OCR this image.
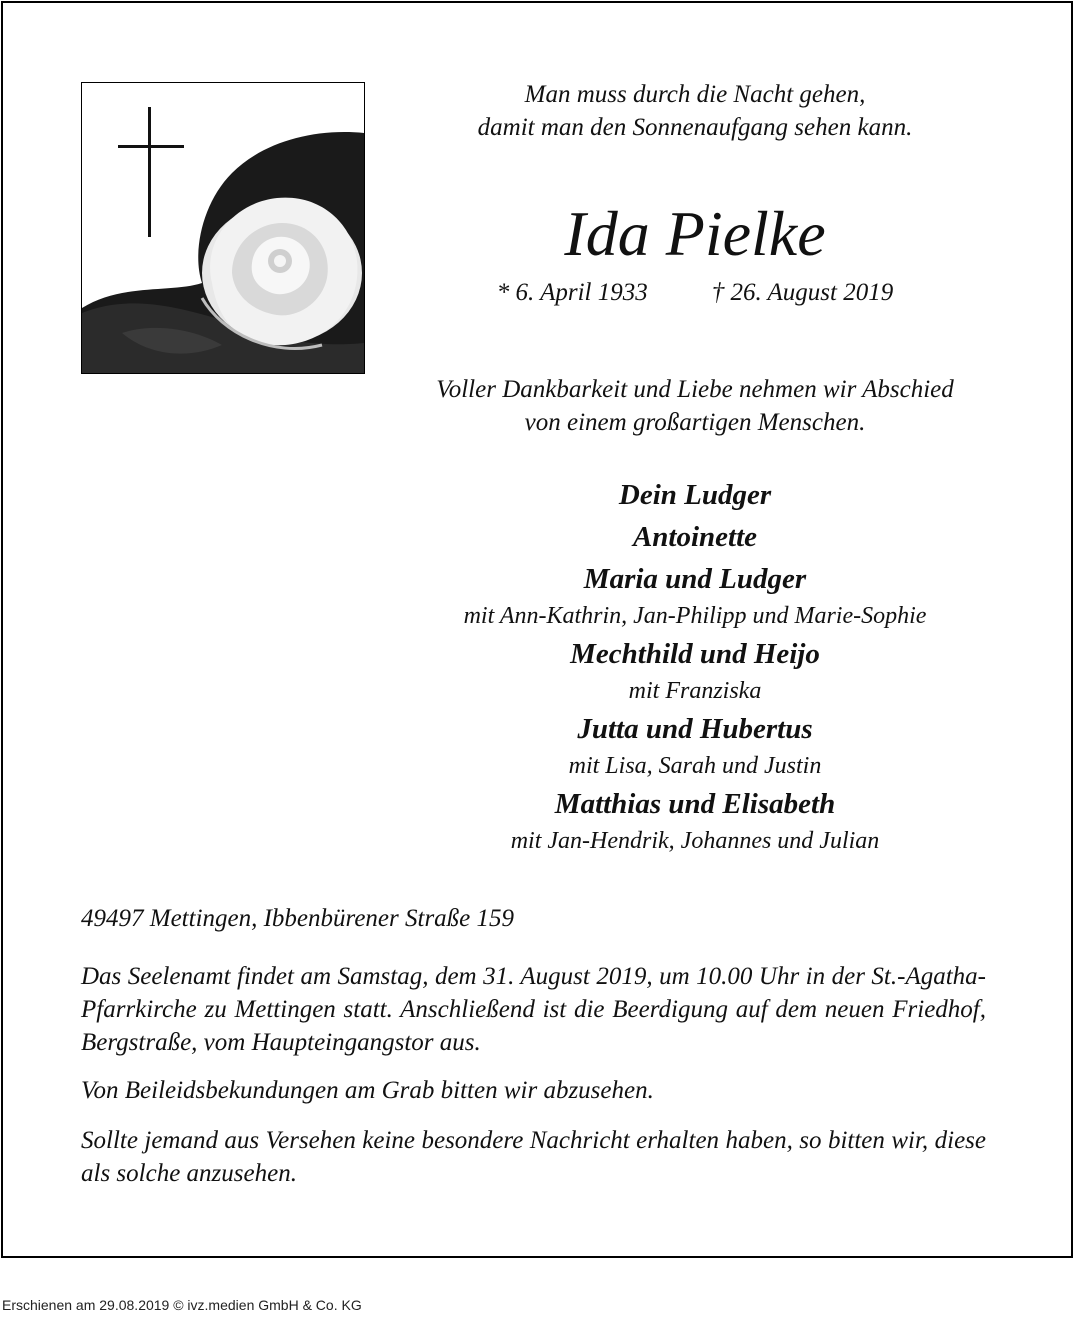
Man muss durch die Nacht gehen,
damit man den Sonnenaufgang sehen kann.
Ida Pielke
* 6. April 1933	† 26. August 2019
Voller Dankbarkeit und Liebe nehmen wir Abschied
von einem großartigen Menschen.
Dein Ludger
Antoinette
Maria und Ludger
mit Ann-Kathrin, Jan-Philipp und Marie-Sophie
Mechthild und Heijo
mit Franziska
Jutta und Hubertus
mit Lisa, Sarah und Justin
Matthias und Elisabeth
mit Jan-Hendrik, Johannes und Julian
49497 Mettingen, Ibbenbürener Straße 159
Das Seelenamt findet am Samstag, dem 31. August 2019, um 10.00 Uhr in der St.-Agatha-Pfarrkirche zu Mettingen statt. Anschließend ist die Beerdigung auf dem neuen Friedhof, Bergstraße, vom Haupteingangstor aus.
Von Beileidsbekundungen am Grab bitten wir abzusehen.
Sollte jemand aus Versehen keine besondere Nachricht erhalten haben, so bitten wir, diese als solche anzusehen.
Erschienen am 29.08.2019 © ivz.medien GmbH & Co. KG
